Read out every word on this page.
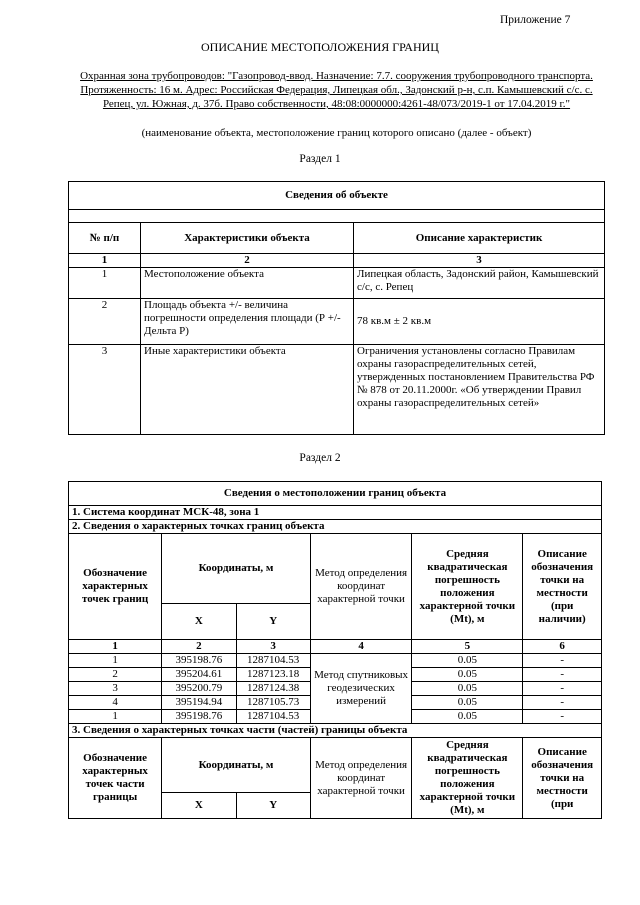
Приложение 7
ОПИСАНИЕ МЕСТОПОЛОЖЕНИЯ ГРАНИЦ
Охранная зона трубопроводов: "Газопровод-ввод. Назначение: 7.7. сооружения трубопроводного транспорта. Протяженность: 16 м. Адрес: Российская Федерация, Липецкая обл., Задонский р-н, с.п. Камышевский с/с. с. Репец, ул. Южная, д. 37б. Право собственности, 48:08:0000000:4261-48/073/2019-1 от 17.04.2019 г."
(наименование объекта, местоположение границ которого описано (далее - объект)
Раздел 1
Сведения об объекте		

№ п/п	Характеристики объекта	Описание характеристик
1	2	3
1	Местоположение объекта	Липецкая область, Задонский район, Камышевский с/с, с. Репец
2	Площадь объекта +/- величина погрешности определения площади (Р +/- Дельта Р)	78 кв.м ± 2 кв.м
3	Иные характеристики объекта	Ограничения установлены согласно Правилам охраны газораспределительных сетей, утвержденных постановлением Правительства РФ № 878 от 20.11.2000г. «Об утверждении Правил охраны газораспределительных сетей»
Раздел 2
Сведения о местоположении границ объекта					
1. Система координат МСК-48, зона 1					
2. Сведения о характерных точках границ объекта					
Обозначение характерных точек границ	Координаты, м		Метод определения координат характерной точки	Средняя квадратическая погрешность положения характерной точки (Mt), м	Описание обозначения точки на местности (при наличии)
	X	Y			
1	2	3	4	5	6
1	395198.76	1287104.53	Метод спутниковых геодезических измерений	0.05	-
2	395204.61	1287123.18		0.05	-
3	395200.79	1287124.38		0.05	-
4	395194.94	1287105.73		0.05	-
1	395198.76	1287104.53		0.05	-
3. Сведения о характерных точках части (частей) границы объекта					
Обозначение характерных точек части границы	Координаты, м		Метод определения координат характерной точки	Средняя квадратическая погрешность положения характерной точки (Mt), м	Описание обозначения точки на местности (при
	X	Y			
